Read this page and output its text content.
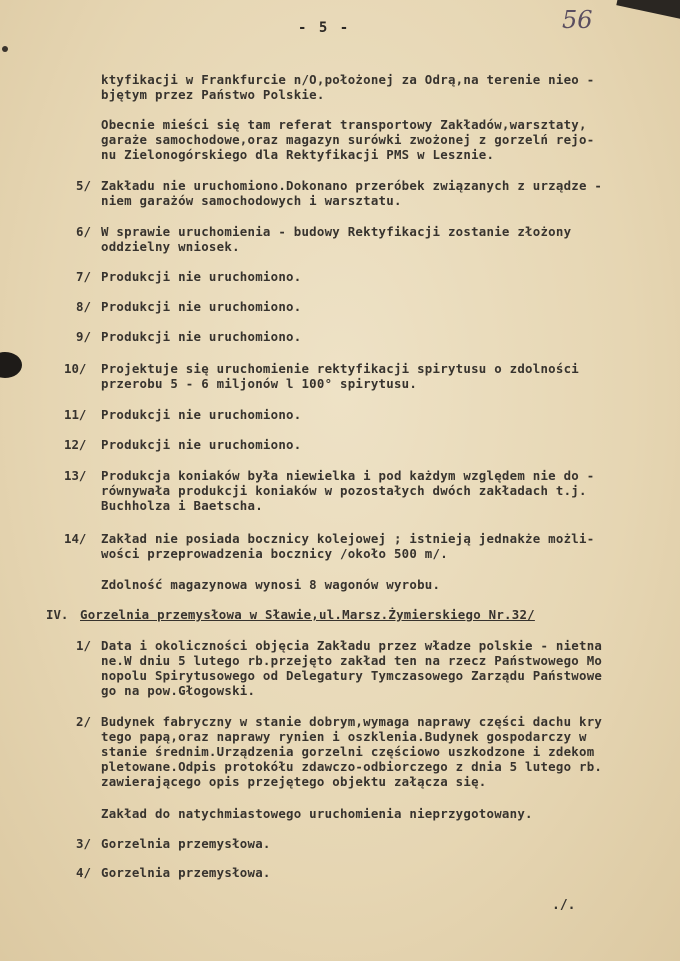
- 5 -	56
ktyfikacji w Frankfurcie n/O,położonej za Odrą,na terenie nieo -
bjętym przez Państwo Polskie.
Obecnie mieści się tam referat transportowy Zakładów,warsztaty,
garaże samochodowe,oraz magazyn surówki zwożonej z gorzelń rejo-
nu Zielonogórskiego dla Rektyfikacji PMS w Lesznie.
5/ Zakładu nie uruchomiono.Dokonano przeróbek związanych z urządze -
niem garażów samochodowych i warsztatu.
6/ W sprawie uruchomienia - budowy Rektyfikacji zostanie złożony
oddzielny wniosek.
7/ Produkcji nie uruchomiono.
8/ Produkcji nie uruchomiono.
9/ Produkcji nie uruchomiono.
10/ Projektuje się uruchomienie rektyfikacji spirytusu o zdolności
przerobu 5 - 6 miljonów l 100° spirytusu.
11/ Produkcji nie uruchomiono.
12/ Produkcji nie uruchomiono.
13/ Produkcja koniaków była niewielka i pod każdym względem nie do -
równywała produkcji koniaków w pozostałych dwóch zakładach t.j.
Buchholza i Baetscha.
14/ Zakład nie posiada bocznicy kolejowej ; istnieją jednakże możli-
wości przeprowadzenia bocznicy /około 500 m/.
Zdolność magazynowa wynosi 8 wagonów wyrobu.
IV. Gorzelnia przemysłowa w Sławie,ul.Marsz.Żymierskiego Nr.32/
1/ Data i okoliczności objęcia Zakładu przez władze polskie - nietna
ne.W dniu 5 lutego rb.przejęto zakład ten na rzecz Państwowego Mo
nopolu Spirytusowego od Delegatury Tymczasowego Zarządu Państwowe
go na pow.Głogowski.
2/ Budynek fabryczny w stanie dobrym,wymaga naprawy części dachu kry
tego papą,oraz naprawy rynien i oszklenia.Budynek gospodarczy w
stanie średnim.Urządzenia gorzelni częściowo uszkodzone i zdekom
pletowane.Odpis protokółu zdawczo-odbiorczego z dnia 5 lutego rb.
zawierającego opis przejętego objektu załącza się.
Zakład do natychmiastowego uruchomienia nieprzygotowany.
3/ Gorzelnia przemysłowa.
4/ Gorzelnia przemysłowa.
./.
